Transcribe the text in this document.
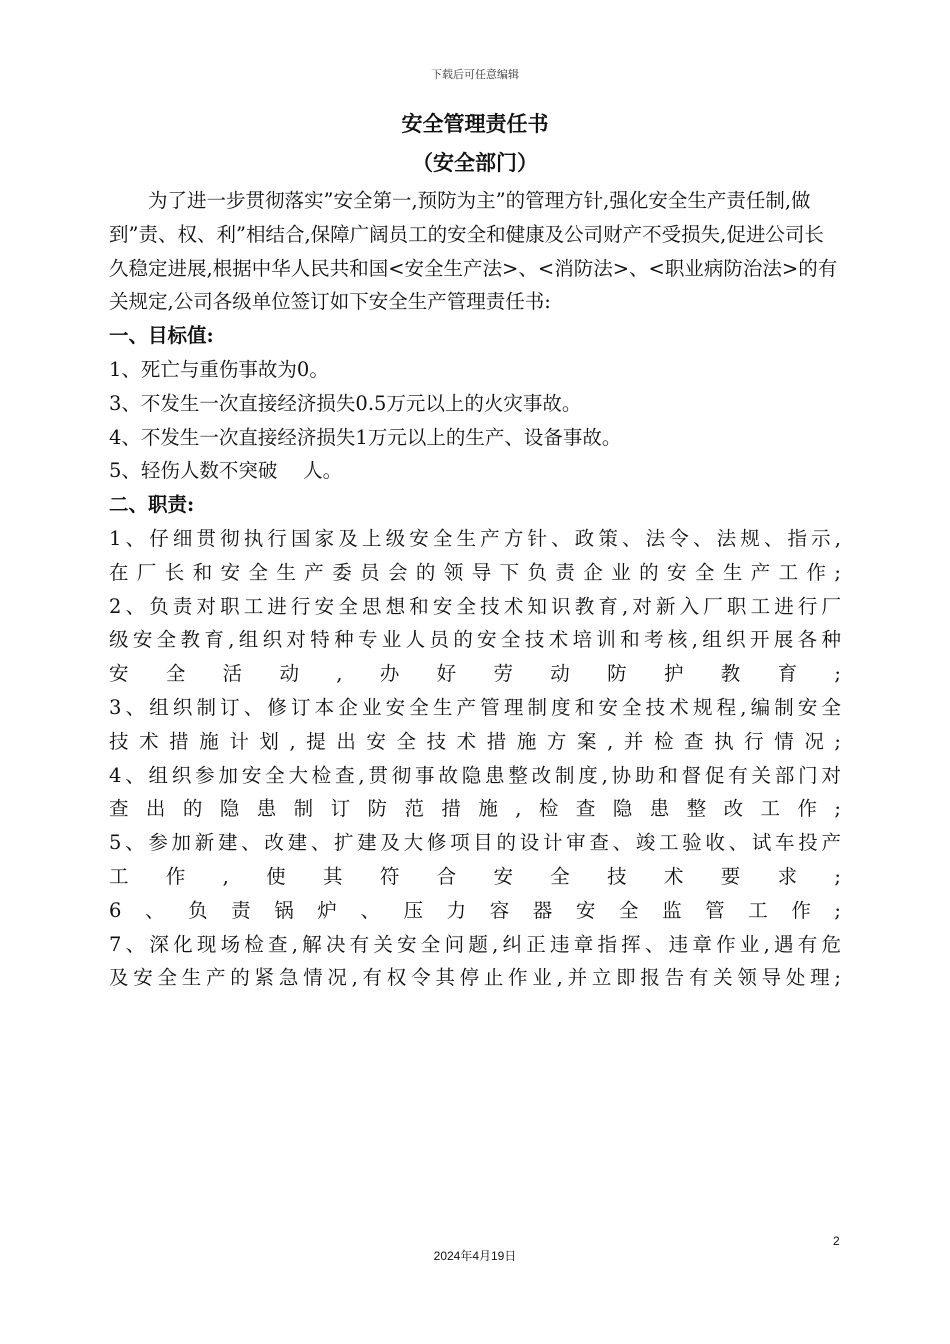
下载后可任意编辑
安全管理责任书
（安全部门）

为了进一步贯彻落实”安全第一,预防为主”的管理方针,强化安全生产责任制,做到”责、权、利”相结合,保障广阔员工的安全和健康及公司财产不受损失,促进公司长久稳定进展,根据中华人民共和国<安全生产法>、<消防法>、<职业病防治法>的有关规定,公司各级单位签订如下安全生产管理责任书:

一、目标值:

1、死亡与重伤事故为0。

3、不发生一次直接经济损失0.5万元以上的火灾事故。

4、不发生一次直接经济损失1万元以上的生产、设备事故。

5、轻伤人数不突破　 人。

二、职责:

1、仔细贯彻执行国家及上级安全生产方针、政策、法令、法规、指示,

在厂长和安全生产委员会的领导下负责企业的安全生产工作;

2、负责对职工进行安全思想和安全技术知识教育,对新入厂职工进行厂

级安全教育,组织对特种专业人员的安全技术培训和考核,组织开展各种

安全活动,办好劳动防护教育;

3、组织制订、修订本企业安全生产管理制度和安全技术规程,编制安全

技术措施计划,提出安全技术措施方案,并检查执行情况;

4、组织参加安全大检查,贯彻事故隐患整改制度,协助和督促有关部门对

查出的隐患制订防范措施,检查隐患整改工作;

5、参加新建、改建、扩建及大修项目的设计审查、竣工验收、试车投产

工作,使其符合安全技术要求;

6、负责锅炉、压力容器安全监管工作;

7、深化现场检查,解决有关安全问题,纠正违章指挥、违章作业,遇有危

及安全生产的紧急情况,有权令其停止作业,并立即报告有关领导处理;

2
2024年4月19日
